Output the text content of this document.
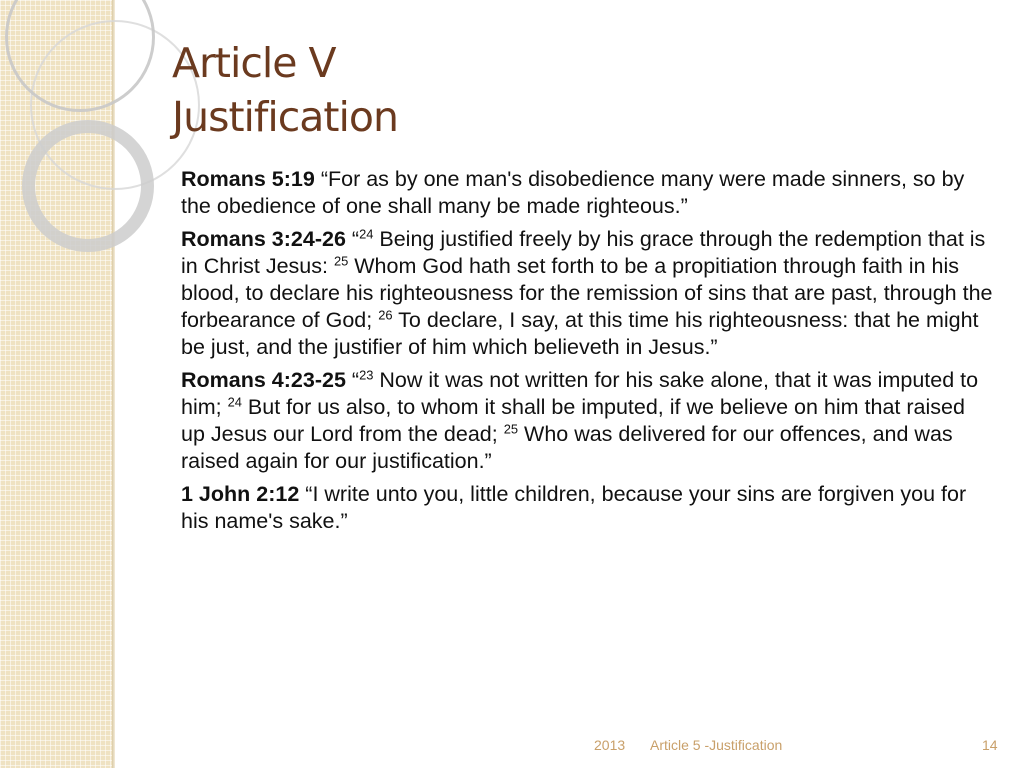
Article V
Justification

Romans 5:19 “For as by one man's disobedience many were made sinners, so by the obedience of one shall many be made righteous.”

Romans 3:24-26 “$^{24}$ Being justified freely by his grace through the redemption that is in Christ Jesus: $^{25}$ Whom God hath set forth to be a propitiation through faith in his blood, to declare his righteousness for the remission of sins that are past, through the forbearance of God; $^{26}$ To declare, I say, at this time his righteousness: that he might be just, and the justifier of him which believeth in Jesus.”

Romans 4:23-25 “$^{23}$ Now it was not written for his sake alone, that it was imputed to him; $^{24}$ But for us also, to whom it shall be imputed, if we believe on him that raised up Jesus our Lord from the dead; $^{25}$ Who was delivered for our offences, and was raised again for our justification.”

1 John 2:12 “I write unto you, little children, because your sins are forgiven you for his name's sake.”

2013 Article 5 -Justification	14
